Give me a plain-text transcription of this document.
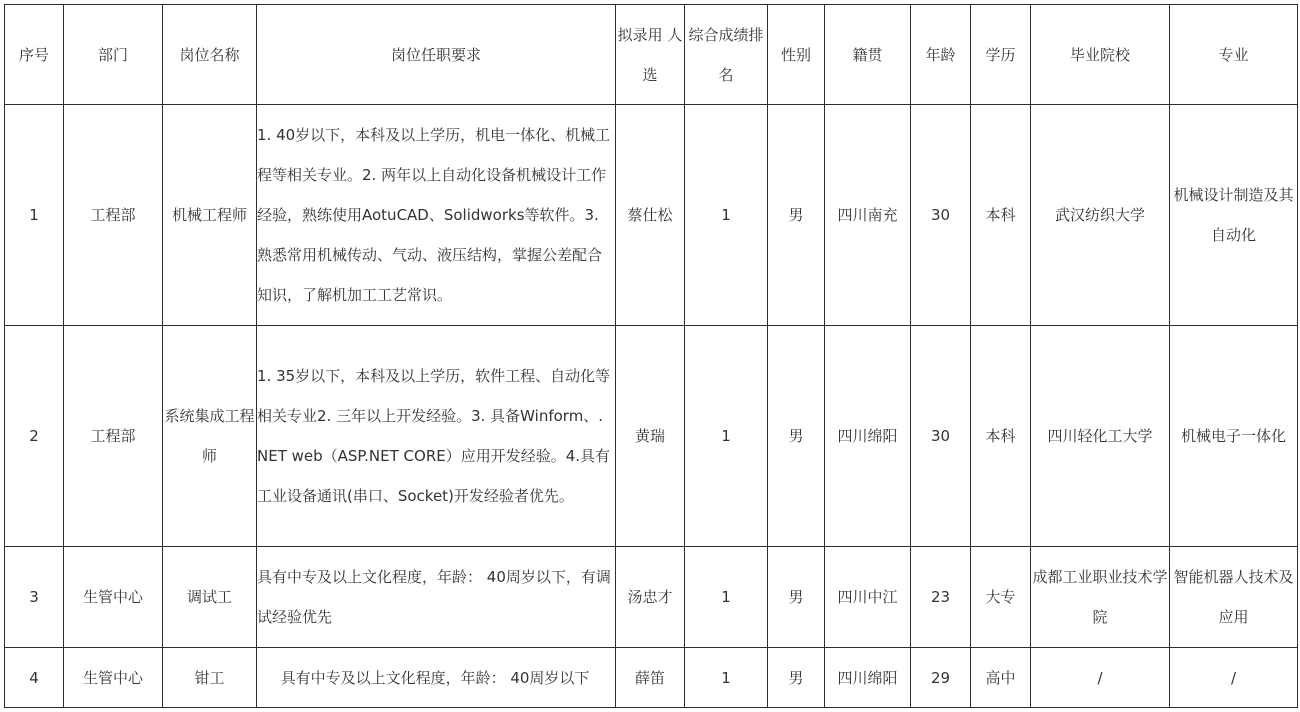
序号	部门	岗位名称	岗位任职要求	拟录用 人选	综合成绩排名	性别	籍贯	年龄	学历	毕业院校	专业
1	工程部	机械工程师	1. 40岁以下，本科及以上学历，机电一体化、机械工程等相关专业。2. 两年以上自动化设备机械设计工作经验，熟练使用AotuCAD、Solidworks等软件。3. 熟悉常用机械传动、气动、液压结构，掌握公差配合知识，了解机加工工艺常识。	蔡仕松	1	男	四川南充	30	本科	武汉纺织大学	机械设计制造及其自动化
2	工程部	系统集成工程师	1. 35岁以下，本科及以上学历，软件工程、自动化等相关专业2. 三年以上开发经验。3. 具备Winform、.NET web（ASP.NET CORE）应用开发经验。4.具有工业设备通讯(串口、Socket)开发经验者优先。	黄瑞	1	男	四川绵阳	30	本科	四川轻化工大学	机械电子一体化
3	生管中心	调试工	具有中专及以上文化程度，年龄： 40周岁以下，有调试经验优先	汤忠才	1	男	四川中江	23	大专	成都工业职业技术学院	智能机器人技术及应用
4	生管中心	钳工	具有中专及以上文化程度，年龄： 40周岁以下	薛笛	1	男	四川绵阳	29	高中	/	/
